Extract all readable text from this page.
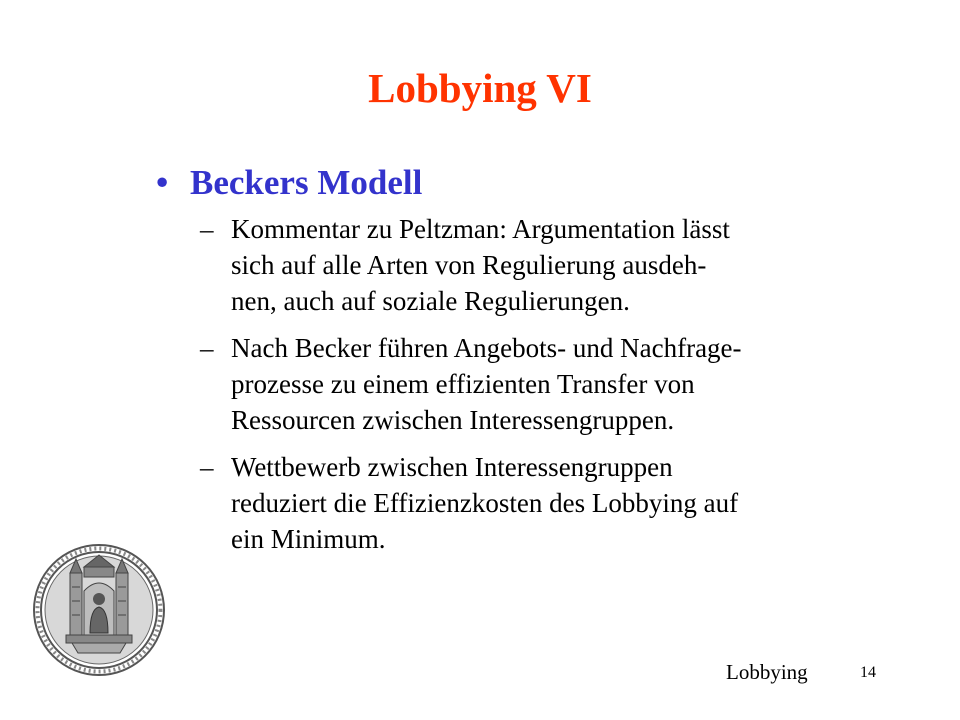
Lobbying VI
• Beckers Modell
– Kommentar zu Peltzman: Argumentation lässt
sich auf alle Arten von Regulierung ausdeh-
nen, auch auf soziale Regulierungen.
– Nach Becker führen Angebots- und Nachfrage-
prozesse zu einem effizienten Transfer von
Ressourcen zwischen Interessengruppen.
– Wettbewerb zwischen Interessengruppen
reduziert die Effizienzkosten des Lobbying auf
ein Minimum.
Lobbying	14
